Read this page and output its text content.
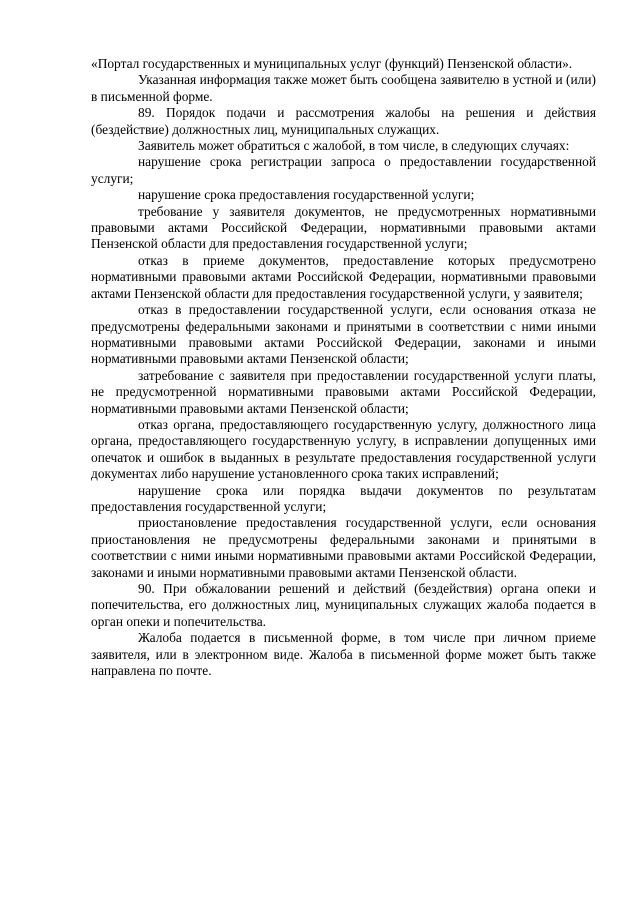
«Портал государственных и муниципальных услуг (функций) Пензенской области».

Указанная информация также может быть сообщена заявителю в устной и (или) в письменной форме.

89. Порядок подачи и рассмотрения жалобы на решения и действия (бездействие) должностных лиц, муниципальных служащих.

Заявитель может обратиться с жалобой, в том числе, в следующих случаях:

нарушение срока регистрации запроса о предоставлении государственной услуги;

нарушение срока предоставления государственной услуги;

требование у заявителя документов, не предусмотренных нормативными правовыми актами Российской Федерации, нормативными правовыми актами Пензенской области для предоставления государственной услуги;

отказ в приеме документов, предоставление которых предусмотрено нормативными правовыми актами Российской Федерации, нормативными правовыми актами Пензенской области для предоставления государственной услуги, у заявителя;

отказ в предоставлении государственной услуги, если основания отказа не предусмотрены федеральными законами и принятыми в соответствии с ними иными нормативными правовыми актами Российской Федерации, законами и иными нормативными правовыми актами Пензенской области;

затребование с заявителя при предоставлении государственной услуги платы, не предусмотренной нормативными правовыми актами Российской Федерации, нормативными правовыми актами Пензенской области;

отказ органа, предоставляющего государственную услугу, должностного лица органа, предоставляющего государственную услугу, в исправлении допущенных ими опечаток и ошибок в выданных в результате предоставления государственной услуги документах либо нарушение установленного срока таких исправлений;

нарушение срока или порядка выдачи документов по результатам предоставления государственной услуги;

приостановление предоставления государственной услуги, если основания приостановления не предусмотрены федеральными законами и принятыми в соответствии с ними иными нормативными правовыми актами Российской Федерации, законами и иными нормативными правовыми актами Пензенской области.

90. При обжаловании решений и действий (бездействия) органа опеки и попечительства, его должностных лиц, муниципальных служащих жалоба подается в орган опеки и попечительства.

Жалоба подается в письменной форме, в том числе при личном приеме заявителя, или в электронном виде. Жалоба в письменной форме может быть также направлена по почте.
